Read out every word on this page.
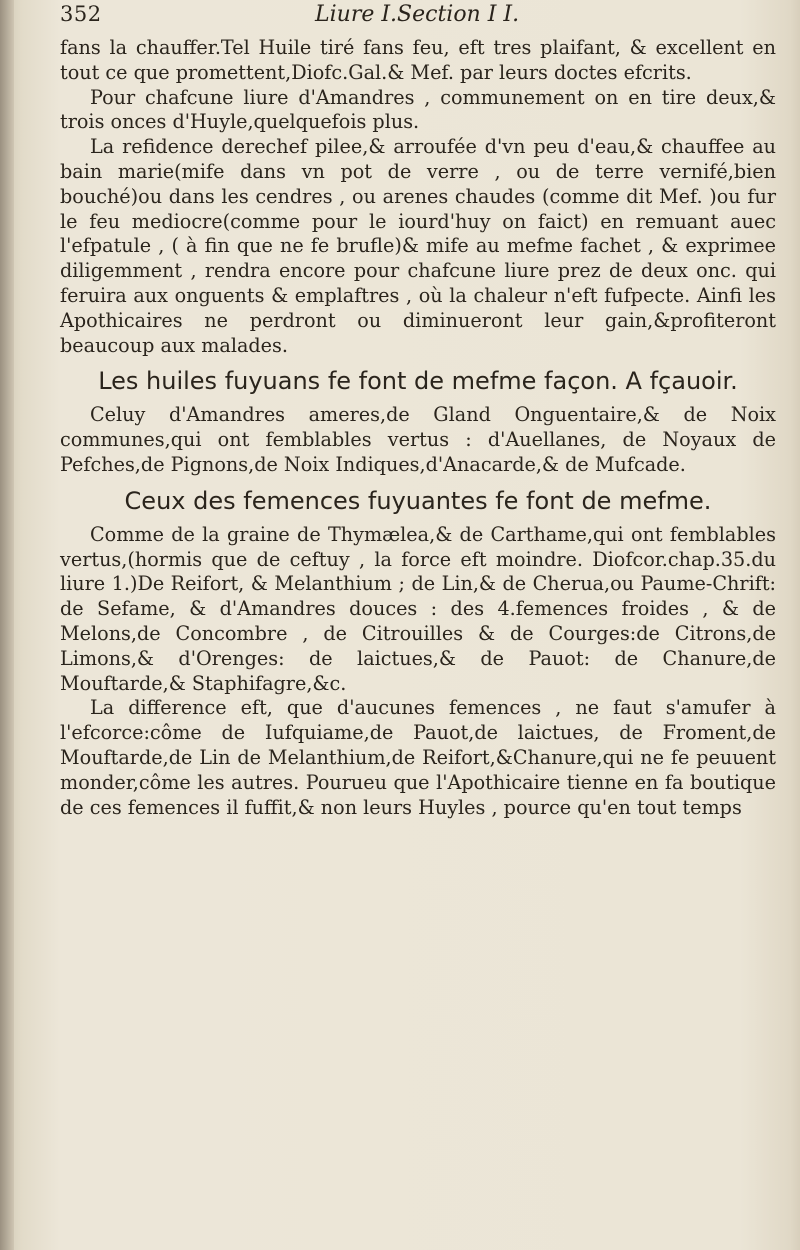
352	Liure I.Section I I.

fans la chauffer.Tel Huile tiré fans feu, eft tres plaifant, & excellent en tout ce que promettent,Diofc.Gal.& Mef. par leurs doctes efcrits.

Pour chafcune liure d'Amandres , communement on en tire deux,& trois onces d'Huyle,quelquefois plus.

La refidence derechef pilee,& arroufée d'vn peu d'eau,& chauffee au bain marie(mife dans vn pot de verre , ou de terre vernifé,bien bouché)ou dans les cendres , ou arenes chaudes (comme dit Mef. )ou fur le feu mediocre(comme pour le iourd'huy on faict) en remuant auec l'efpatule , ( à fin que ne fe brufle)& mife au mefme fachet , & exprimee diligemment , rendra encore pour chafcune liure prez de deux onc. qui feruira aux onguents & emplaftres , où la chaleur n'eft fufpecte. Ainfi les Apothicaires ne perdront ou diminueront leur gain,&profiteront beaucoup aux malades.

Les huiles fuyuans fe font de mefme façon. A fçauoir.

Celuy d'Amandres ameres,de Gland Onguentaire,& de Noix communes,qui ont femblables vertus : d'Auellanes, de Noyaux de Pefches,de Pignons,de Noix Indiques,d'Anacarde,& de Mufcade.

Ceux des femences fuyuantes fe font de mefme.

Comme de la graine de Thymælea,& de Carthame,qui ont femblables vertus,(hormis que de ceftuy , la force eft moindre. Diofcor.chap.35.du liure 1.)De Reifort, & Melanthium ; de Lin,& de Cherua,ou Paume-Chrift: de Sefame, & d'Amandres douces : des 4.femences froides , & de Melons,de Concombre , de Citrouilles & de Courges:de Citrons,de Limons,& d'Orenges: de laictues,& de Pauot: de Chanure,de Mouftarde,& Staphifagre,&c.

La difference eft, que d'aucunes femences , ne faut s'amufer à l'efcorce:côme de Iufquiame,de Pauot,de laictues, de Froment,de Mouftarde,de Lin de Melanthium,de Reifort,&Chanure,qui ne fe peuuent monder,côme les autres. Pourueu que l'Apothicaire tienne en fa boutique de ces femences il fuffit,& non leurs Huyles , pource qu'en tout temps
